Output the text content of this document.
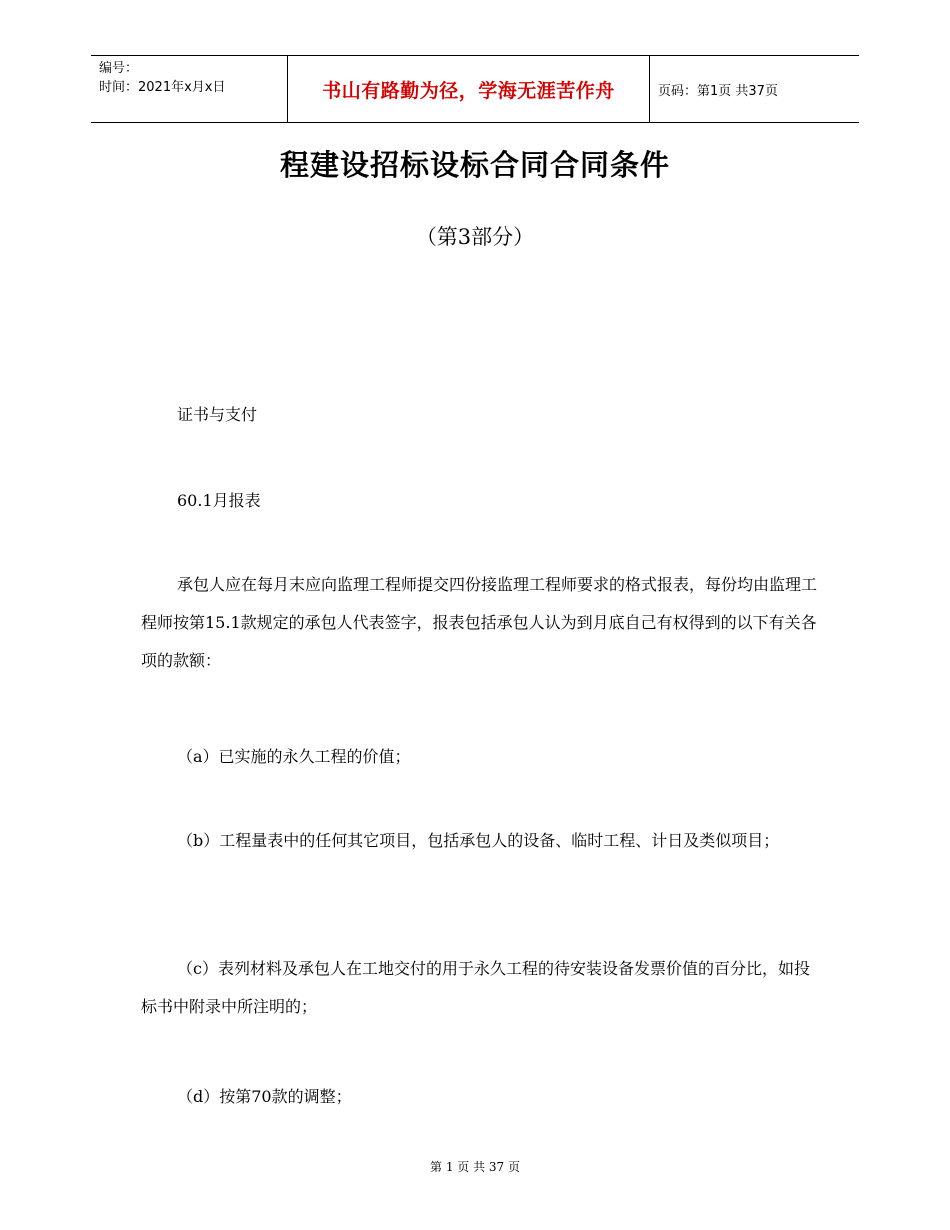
编号：
时间：2021年x月x日	书山有路勤为径，学海无涯苦作舟	页码：第1页 共37页
程建设招标设标合同合同条件
（第3部分）

证书与支付

60.1月报表

承包人应在每月末应向监理工程师提交四份接监理工程师要求的格式报表，每份均由监理工程师按第15.1款规定的承包人代表签字，报表包括承包人认为到月底自己有权得到的以下有关各项的款额：

（a）已实施的永久工程的价值；

（b）工程量表中的任何其它项目，包括承包人的设备、临时工程、计日及类似项目；

（c）表列材料及承包人在工地交付的用于永久工程的待安装设备发票价值的百分比，如投标书中附录中所注明的；

（d）按第70款的调整；

第 1 页 共 37 页
